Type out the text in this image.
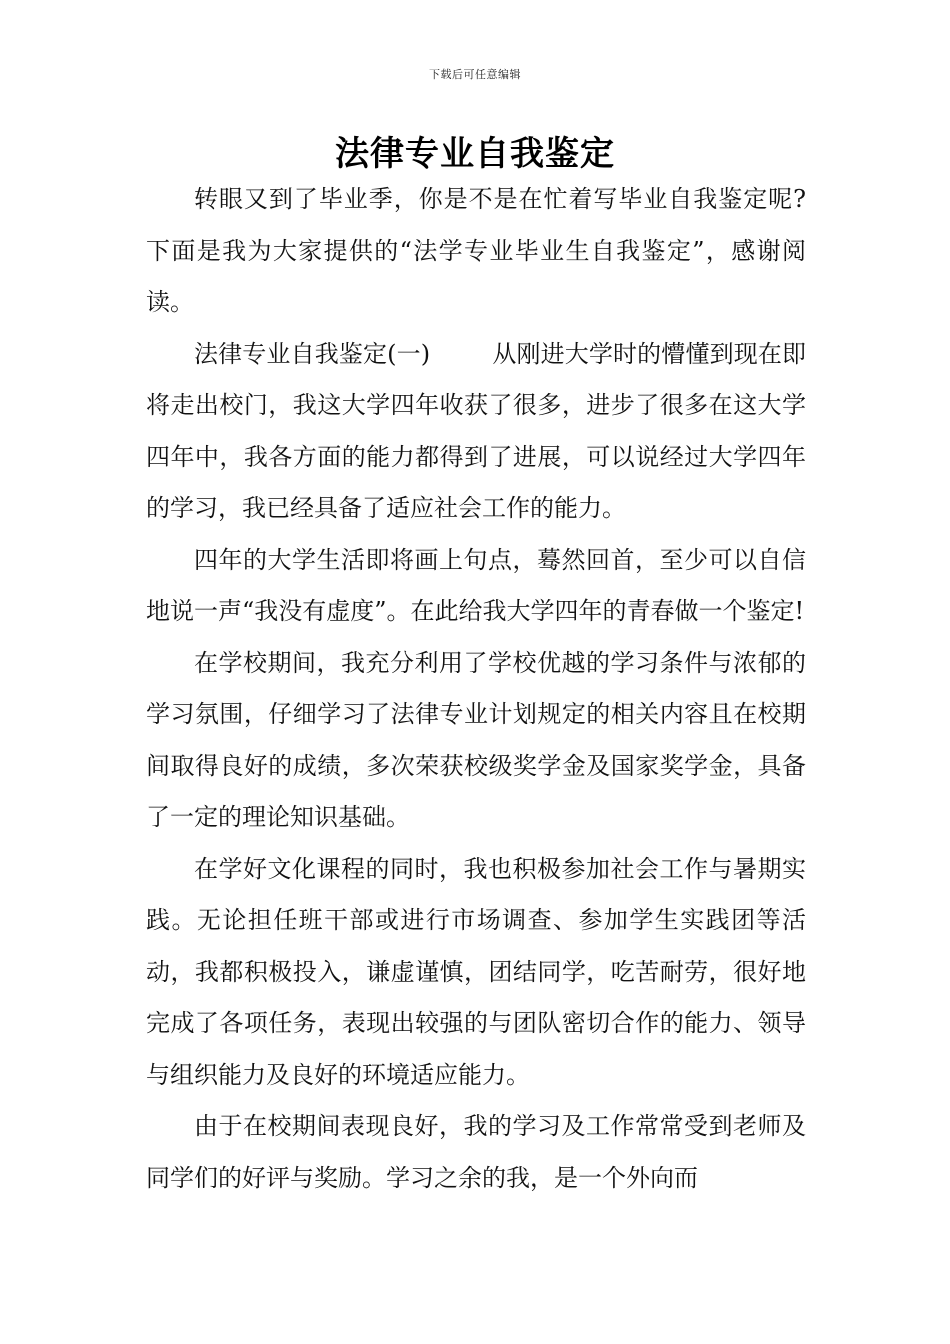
下载后可任意编辑
法律专业自我鉴定

转眼又到了毕业季，你是不是在忙着写毕业自我鉴定呢?下面是我为大家提供的“法学专业毕业生自我鉴定”，感谢阅读。

法律专业自我鉴定(一)	从刚进大学时的懵懂到现在即将走出校门，我这大学四年收获了很多，进步了很多在这大学四年中，我各方面的能力都得到了进展，可以说经过大学四年的学习，我已经具备了适应社会工作的能力。

四年的大学生活即将画上句点，蓦然回首，至少可以自信地说一声“我没有虚度”。在此给我大学四年的青春做一个鉴定!

在学校期间，我充分利用了学校优越的学习条件与浓郁的学习氛围，仔细学习了法律专业计划规定的相关内容且在校期间取得良好的成绩，多次荣获校级奖学金及国家奖学金，具备了一定的理论知识基础。

在学好文化课程的同时，我也积极参加社会工作与暑期实践。无论担任班干部或进行市场调查、参加学生实践团等活动，我都积极投入，谦虚谨慎，团结同学，吃苦耐劳，很好地完成了各项任务，表现出较强的与团队密切合作的能力、领导与组织能力及良好的环境适应能力。

由于在校期间表现良好，我的学习及工作常常受到老师及同学们的好评与奖励。学习之余的我，是一个外向而
